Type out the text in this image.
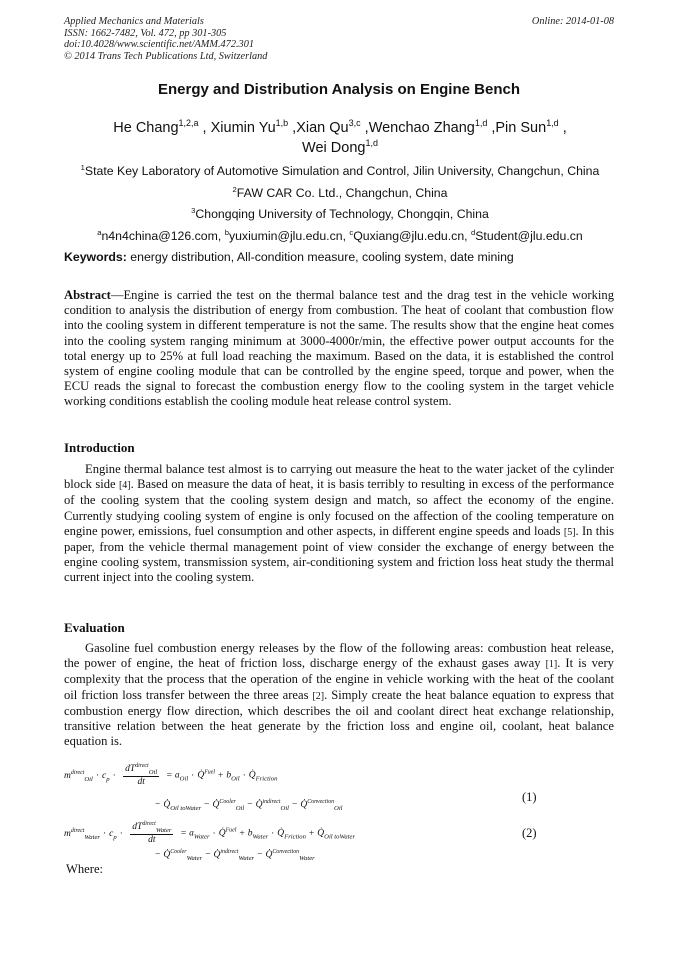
Applied Mechanics and Materials
ISSN: 1662-7482, Vol. 472, pp 301-305
doi:10.4028/www.scientific.net/AMM.472.301
© 2014 Trans Tech Publications Ltd, Switzerland
Online: 2014-01-08
Energy and Distribution Analysis on Engine Bench
He Chang$^{1,2,a}$ , Xiumin Yu$^{1,b}$ ,Xian Qu$^{3,c}$ ,Wenchao Zhang$^{1,d}$ ,Pin Sun$^{1,d}$ ,
Wei Dong$^{1,d}$
$^1$State Key Laboratory of Automotive Simulation and Control, Jilin University, Changchun, China
$^2$FAW CAR Co. Ltd., Changchun, China
$^3$Chongqing University of Technology, Chongqin, China
$^a$n4n4china@126.com, $^b$yuxiumin@jlu.edu.cn, $^c$Quxiang@jlu.edu.cn, $^d$Student@jlu.edu.cn
Keywords: energy distribution, All-condition measure, cooling system, date mining

Abstract—Engine is carried the test on the thermal balance test and the drag test in the vehicle working condition to analysis the distribution of energy from combustion. The heat of coolant that combustion flow into the cooling system in different temperature is not the same. The results show that the engine heat comes into the cooling system ranging minimum at 3000-4000r/min, the effective power output accounts for the total energy up to 25% at full load reaching the maximum. Based on the data, it is established the control system of engine cooling module that can be controlled by the engine speed, torque and power, when the ECU reads the signal to forecast the combustion energy flow to the cooling system in the target vehicle working conditions establish the cooling module heat release control system.

Introduction

Engine thermal balance test almost is to carrying out measure the heat to the water jacket of the cylinder block side [4]. Based on measure the data of heat, it is basis terribly to resulting in excess of the performance of the cooling system that the cooling system design and match, so affect the economy of the engine. Currently studying cooling system of engine is only focused on the affection of the cooling temperature on engine power, emissions, fuel consumption and other aspects, in different engine speeds and loads [5]. In this paper, from the vehicle thermal management point of view consider the exchange of energy between the engine cooling system, transmission system, air-conditioning system and friction loss heat study the thermal current inject into the cooling system.

Evaluation

Gasoline fuel combustion energy releases by the flow of the following areas: combustion heat release, the power of engine, the heat of friction loss, discharge energy of the exhaust gases away [1]. It is very complexity that the process that the operation of the engine in vehicle working with the heat of the coolant oil friction loss transfer between the three areas [2]. Simply create the heat balance equation to express that combustion energy flow direction, which describes the oil and coolant direct heat exchange relationship, transitive relation between the heat generate by the friction loss and engine oil, coolant, heat balance equation is.

$m^{direct}_{Oil} \cdot c_p \cdot \frac{dT^{direct}_{Oil}}{dt} = a_{Oil}$ · Q̇$^{Fuel}$ + $b_{Oil}$ · $Q̇_{Friction}$
− $Q̇_{Oil toWater}$ − Q̇$^{Cooler}_{Oil}$ − Q̇$^{indirect}_{Oil}$ − Q̇$^{Convection}_{Oil}$
(1)
$m^{direct}_{Water} \cdot c_p \cdot \frac{dT^{direct}_{Water}}{dt} = a_{Water}$ · Q̇$^{Fuel}$ + $b_{Water}$ · $Q̇_{Friction}$ + $Q̇_{Oil toWater}$
− Q̇$^{Cooler}_{Water}$ − Q̇$^{indirect}_{Water}$ − Q̇$^{Convection}_{Water}$
(2)
Where:
